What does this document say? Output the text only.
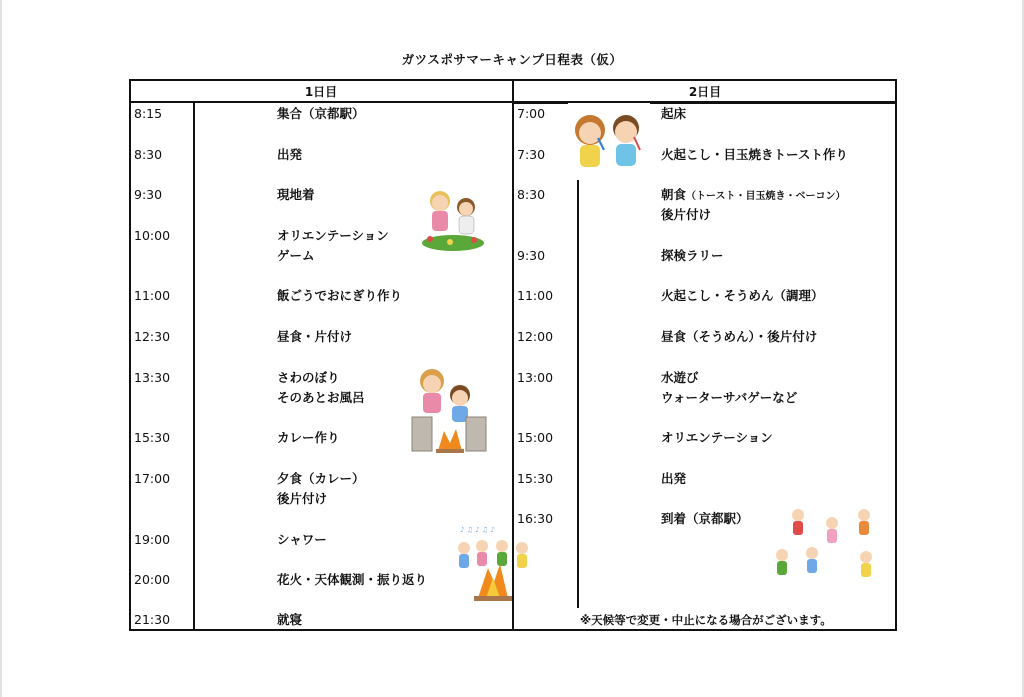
ガツスポサマーキャンプ日程表（仮）
1日目	2日目
8:15	集合（京都駅）
8:30	出発
9:30	現地着
10:00	オリエンテーション
ゲーム
11:00	飯ごうでおにぎり作り
12:30	昼食・片付け
13:30	さわのぼり
そのあとお風呂
15:30	カレー作り
17:00	夕食（カレー）
後片付け
19:00	シャワー
20:00	花火・天体観測・振り返り
21:30	就寝
7:00	起床
7:30	火起こし・目玉焼きトースト作り
8:30	朝食（トースト・目玉焼き・ベーコン）
後片付け
9:30	探検ラリー
11:00	火起こし・そうめん（調理）
12:00	昼食（そうめん）・後片付け
13:00	水遊び
ウォーターサバゲーなど
15:00	オリエンテーション
15:30	出発
16:30	到着（京都駅）
※天候等で変更・中止になる場合がございます。
♪ ♫ ♪ ♫ ♪
